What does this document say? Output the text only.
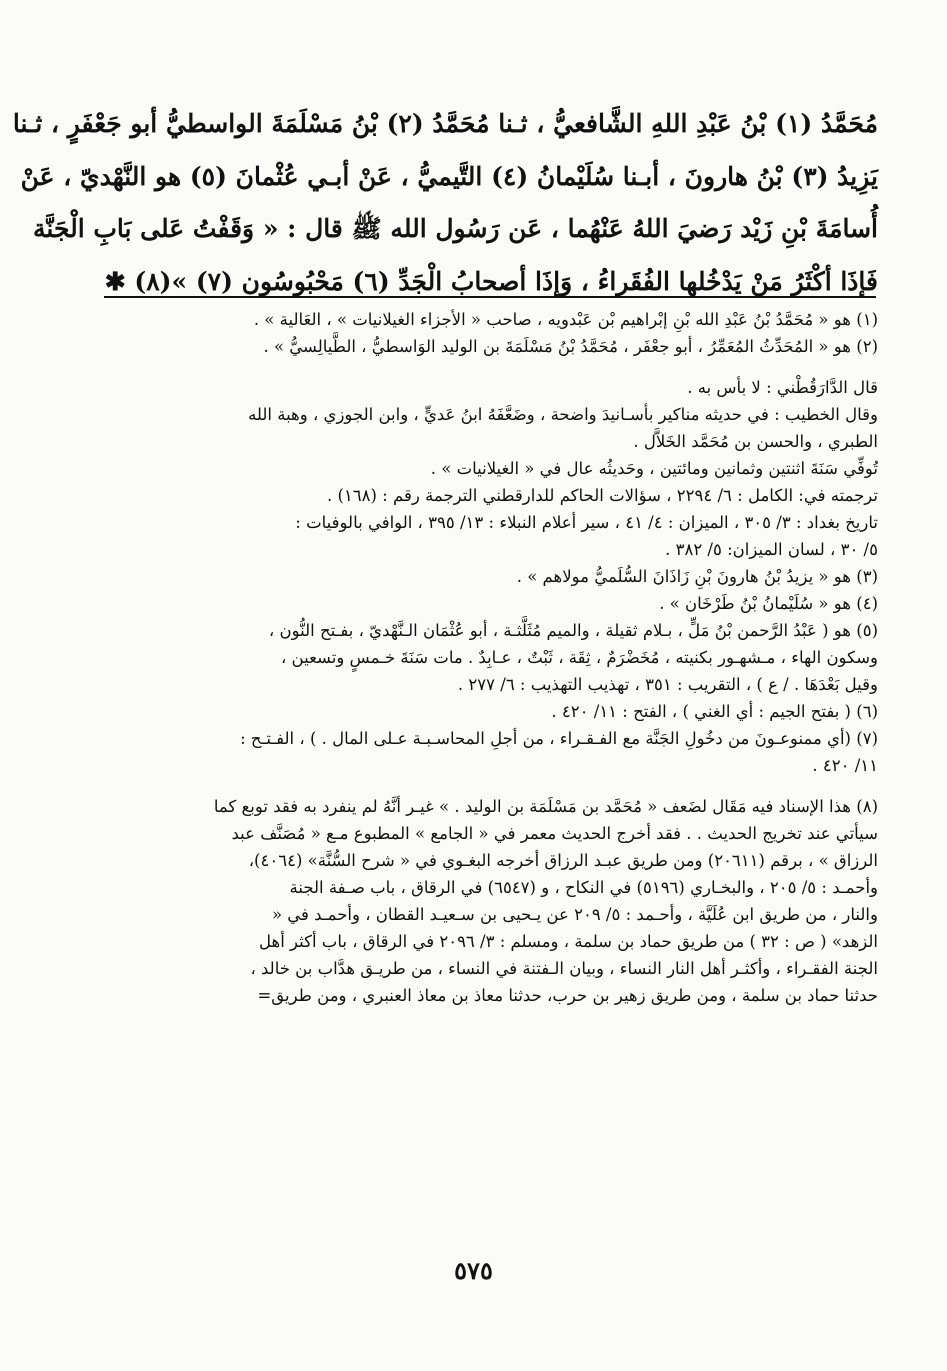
مُحَمَّدُ (١) بْنُ عَبْدِ اللهِ الشَّافعيُّ ، ثـنا مُحَمَّدُ (٢) بْنُ مَسْلَمَةَ الواسطيُّ أبو جَعْفَرٍ ، ثـنا

يَزِيدُ (٣) بْنُ هارونَ ، أبـنا سُلَيْمانُ (٤) التَّيميُّ ، عَنْ أبـي عُثْمانَ (٥) هو النَّهْديّ ، عَنْ

أُسامَةَ بْنِ زَيْد رَضيَ اللهُ عَنْهُما ، عَن رَسُول الله ﷺ قال : « وَقَفْتُ عَلى بَابِ الْجَنَّة

فَإذَا أكْثَرُ مَنْ يَدْخُلها الفُقَراءُ ، وَإذَا أصحابُ الْجَدِّ (٦) مَحْبُوسُون (٧) »(٨) ✱

(١) هو « مُحَمَّدُ بْنُ عَبْدِ الله بْنِ إبْراهيم بْن عَبْدويه ، صاحب « الأجزاء الغيلانيات » ، العَالية » .

(٢) هو « المُحَدِّثُ المُعَمِّرُ ، أبو جعْفَر ، مُحَمَّدُ بْنُ مَسْلَمَةَ بن الوليد الوَاسطيُّ ، الطَّيالِسيُّ » .

قال الدَّارَقُطْني : لا بأس به .

وقال الخطيب : في حديثه مناكير بأسـانيدَ واضحة ، وضَعَّفَهُ ابنُ عَديٍّ ، وابن الجوزي ، وهبة الله

الطبري ، والحسن بن مُحَمَّد الخَلاَّل .

تُوفِّي سَنَةَ اثنتين وثمانين ومائتين ، وحَديثُه عال في « الغيلانيات » .

ترجمته في: الكامل : ٦/ ٢٢٩٤ ، سؤالات الحاكم للدارقطني الترجمة رقم : (١٦٨) .

تاريخ بغداد : ٣/ ٣٠٥ ، الميزان : ٤/ ٤١ ، سير أعلام النبلاء : ١٣/ ٣٩٥ ، الوافي بالوفيات :

٥/ ٣٠ ، لسان الميزان: ٥/ ٣٨٢ .

(٣) هو « يزيدُ بْنُ هارونَ بْنِ زَاذَانَ السُّلَميُّ مولاهم » .

(٤) هو « سُلَيْمانُ بْنُ طَرْخَان » .

(٥) هو ( عَبْدُ الرَّحمن بْنُ مَلٍّ ، بـلام ثقيلة ، والميم مُثَلَّثـة ، أبو عُثْمَان الـنَّهْديّ ، بفـتح النُّون ،

وسكون الهاء ، مـشهـور بكنيته ، مُخَضْرَمٌ ، ثِقَة ، ثَبْتٌ ، عـابِدٌ . مات سَنَةَ خـمسٍ وتسعين ،

وقيل بَعْدَهَا . / ع ) ، التقريب : ٣٥١ ، تهذيب التهذيب : ٦/ ٢٧٧ .

(٦) ( بفتح الجيم : أي الغني ) ، الفتح : ١١/ ٤٢٠ .

(٧) (أي ممنوعـونَ من دخُولِ الجَنَّة مع الفـقـراء ، من أجلِ المحاسـبـة عـلى المال . ) ، الفـتـح :

١١/ ٤٢٠ .

(٨) هذا الإسناد فيه مَقَال لضَعف « مُحَمَّد بن مَسْلَمَة بن الوليد . » غيـر أنَّهُ لم ينفرد به فقد توبع كما

سيأتي عند تخريج الحديث . . فقد أخرج الحديث معمر في « الجامع » المطبوع مـع « مُصَنَّف عبد

الرزاق » ، برقم (٢٠٦١١) ومن طريق عبـد الرزاق أخرجه البغـوي في « شرح السُّنَّة» (٤٠٦٤)،

وأحمـد : ٥/ ٢٠٥ ، والبخـاري (٥١٩٦) في النكاح ، و (٦٥٤٧) في الرقاق ، باب صـفة الجنة

والنار ، من طريق ابن عُلَيَّة ، وأحـمد : ٥/ ٢٠٩ عن يـحيى بن سـعيـد القطان ، وأحمـد في «

الزهد» ( ص : ٣٢ ) من طريق حماد بن سلمة ، ومسلم : ٣/ ٢٠٩٦ في الرقاق ، باب أكثر أهل

الجنة الفقـراء ، وأكثـر أهل النار النساء ، وبيان الـفتنة في النساء ، من طريـق هدَّاب بن خالد ،

حدثنا حماد بن سلمة ، ومن طريق زهير بن حرب، حدثنا معاذ بن معاذ العنبري ، ومن طريق=

٥٧٥
